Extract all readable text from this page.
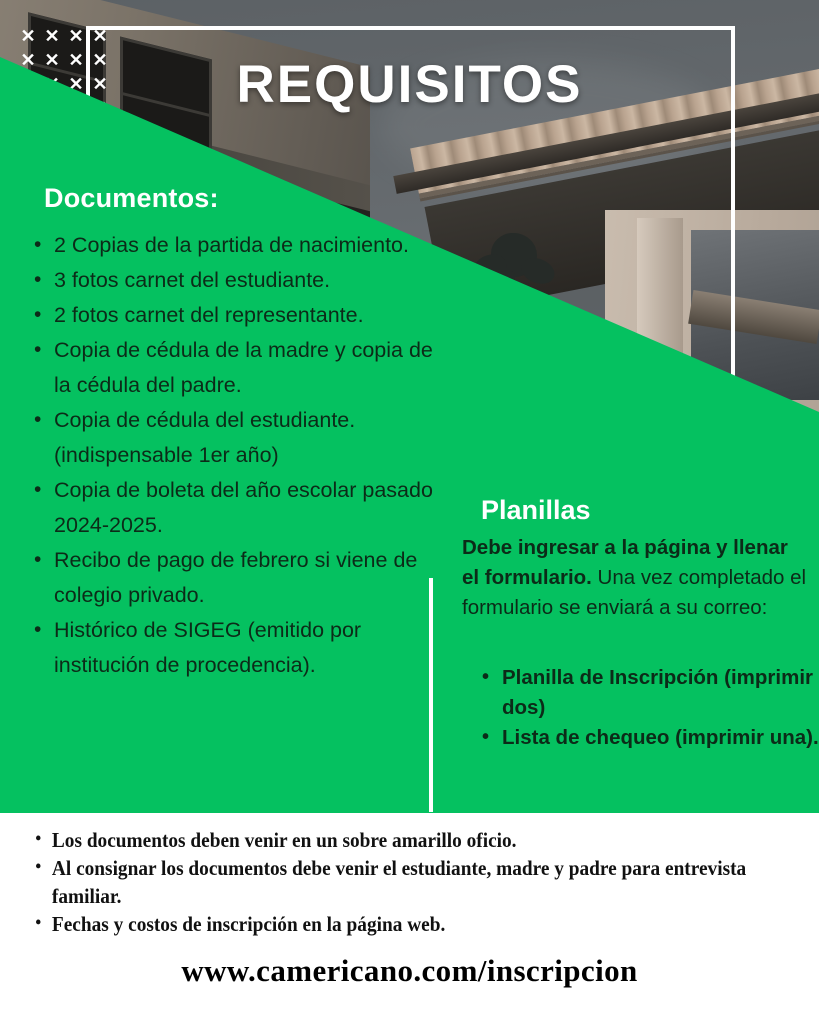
REQUISITOS
✕ ✕ ✕ ✕
✕ ✕ ✕ ✕
✕ ✕
Documentos:
• 2 Copias de la partida de nacimiento.
• 3 fotos carnet del estudiante.
• 2 fotos carnet del representante.
• Copia de cédula de la madre y copia de la cédula del padre.
• Copia de cédula del estudiante. (indispensable 1er año)
• Copia de boleta del año escolar pasado 2024-2025.
• Recibo de pago de febrero si viene de colegio privado.
• Histórico de SIGEG (emitido por institución de procedencia).
Planillas
Debe ingresar a la página y llenar el formulario. Una vez completado el formulario se enviará a su correo:
• Planilla de Inscripción (imprimir dos)
• Lista de chequeo (imprimir una).
• Los documentos deben venir en un sobre amarillo oficio.
• Al consignar los documentos debe venir el estudiante, madre y padre para entrevista familiar.
• Fechas y costos de inscripción en la página web.
www.camericano.com/inscripcion
